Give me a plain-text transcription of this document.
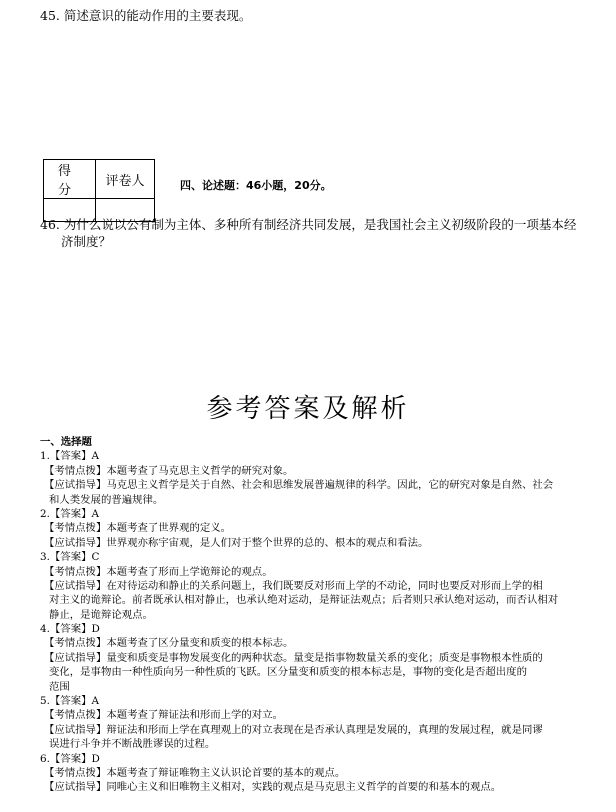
45. 简述意识的能动作用的主要表现。
得 分	评卷人
		四、论述题：46小题，20分。
46. 为什么说以公有制为主体、多种所有制经济共同发展，是我国社会主义初级阶段的一项基本经
济制度？
参考答案及解析
一、选择题
1.【答案】A
【考情点拨】本题考查了马克思主义哲学的研究对象。
【应试指导】马克思主义哲学是关于自然、社会和思维发展普遍规律的科学。因此，它的研究对象是自然、社会
和人类发展的普遍规律。
2.【答案】A
【考情点拨】本题考查了世界观的定义。
【应试指导】世界观亦称宇宙观，是人们对于整个世界的总的、根本的观点和看法。
3.【答案】C
【考情点拨】本题考查了形而上学诡辩论的观点。
【应试指导】在对待运动和静止的关系问题上，我们既要反对形而上学的不动论，同时也要反对形而上学的相
对主义的诡辩论。前者既承认相对静止，也承认绝对运动，是辩证法观点；后者则只承认绝对运动，而否认相对
静止，是诡辩论观点。
4.【答案】D
【考情点拨】本题考查了区分量变和质变的根本标志。
【应试指导】量变和质变是事物发展变化的两种状态。量变是指事物数量关系的变化；质变是事物根本性质的
变化，是事物由一种性质向另一种性质的飞跃。区分量变和质变的根本标志是，事物的变化是否超出度的
范围
5.【答案】A
【考情点拨】本题考查了辩证法和形而上学的对立。
【应试指导】辩证法和形而上学在真理观上的对立表现在是否承认真理是发展的，真理的发展过程，就是同谬
误进行斗争并不断战胜谬误的过程。
6.【答案】D
【考情点拨】本题考查了辩证唯物主义认识论首要的基本的观点。
【应试指导】同唯心主义和旧唯物主义相对，实践的观点是马克思主义哲学的首要的和基本的观点。
